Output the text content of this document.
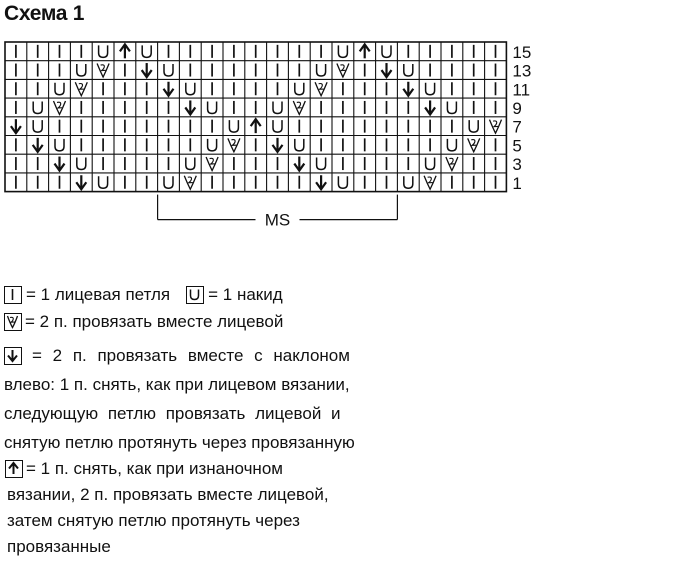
Схема 1
15
13
11
9
7
5
3
1
MS
= 1 лицевая петля = 1 накид
= 2 п. провязать вместе лицевой
= 2 п. провязать вместе с наклоном
влево: 1 п. снять, как при лицевом вязании,
следующую петлю провязать лицевой и
снятую петлю протянуть через провязанную
= 1 п. снять, как при изнаночном
вязании, 2 п. провязать вместе лицевой,
затем снятую петлю протянуть через
провязанные
